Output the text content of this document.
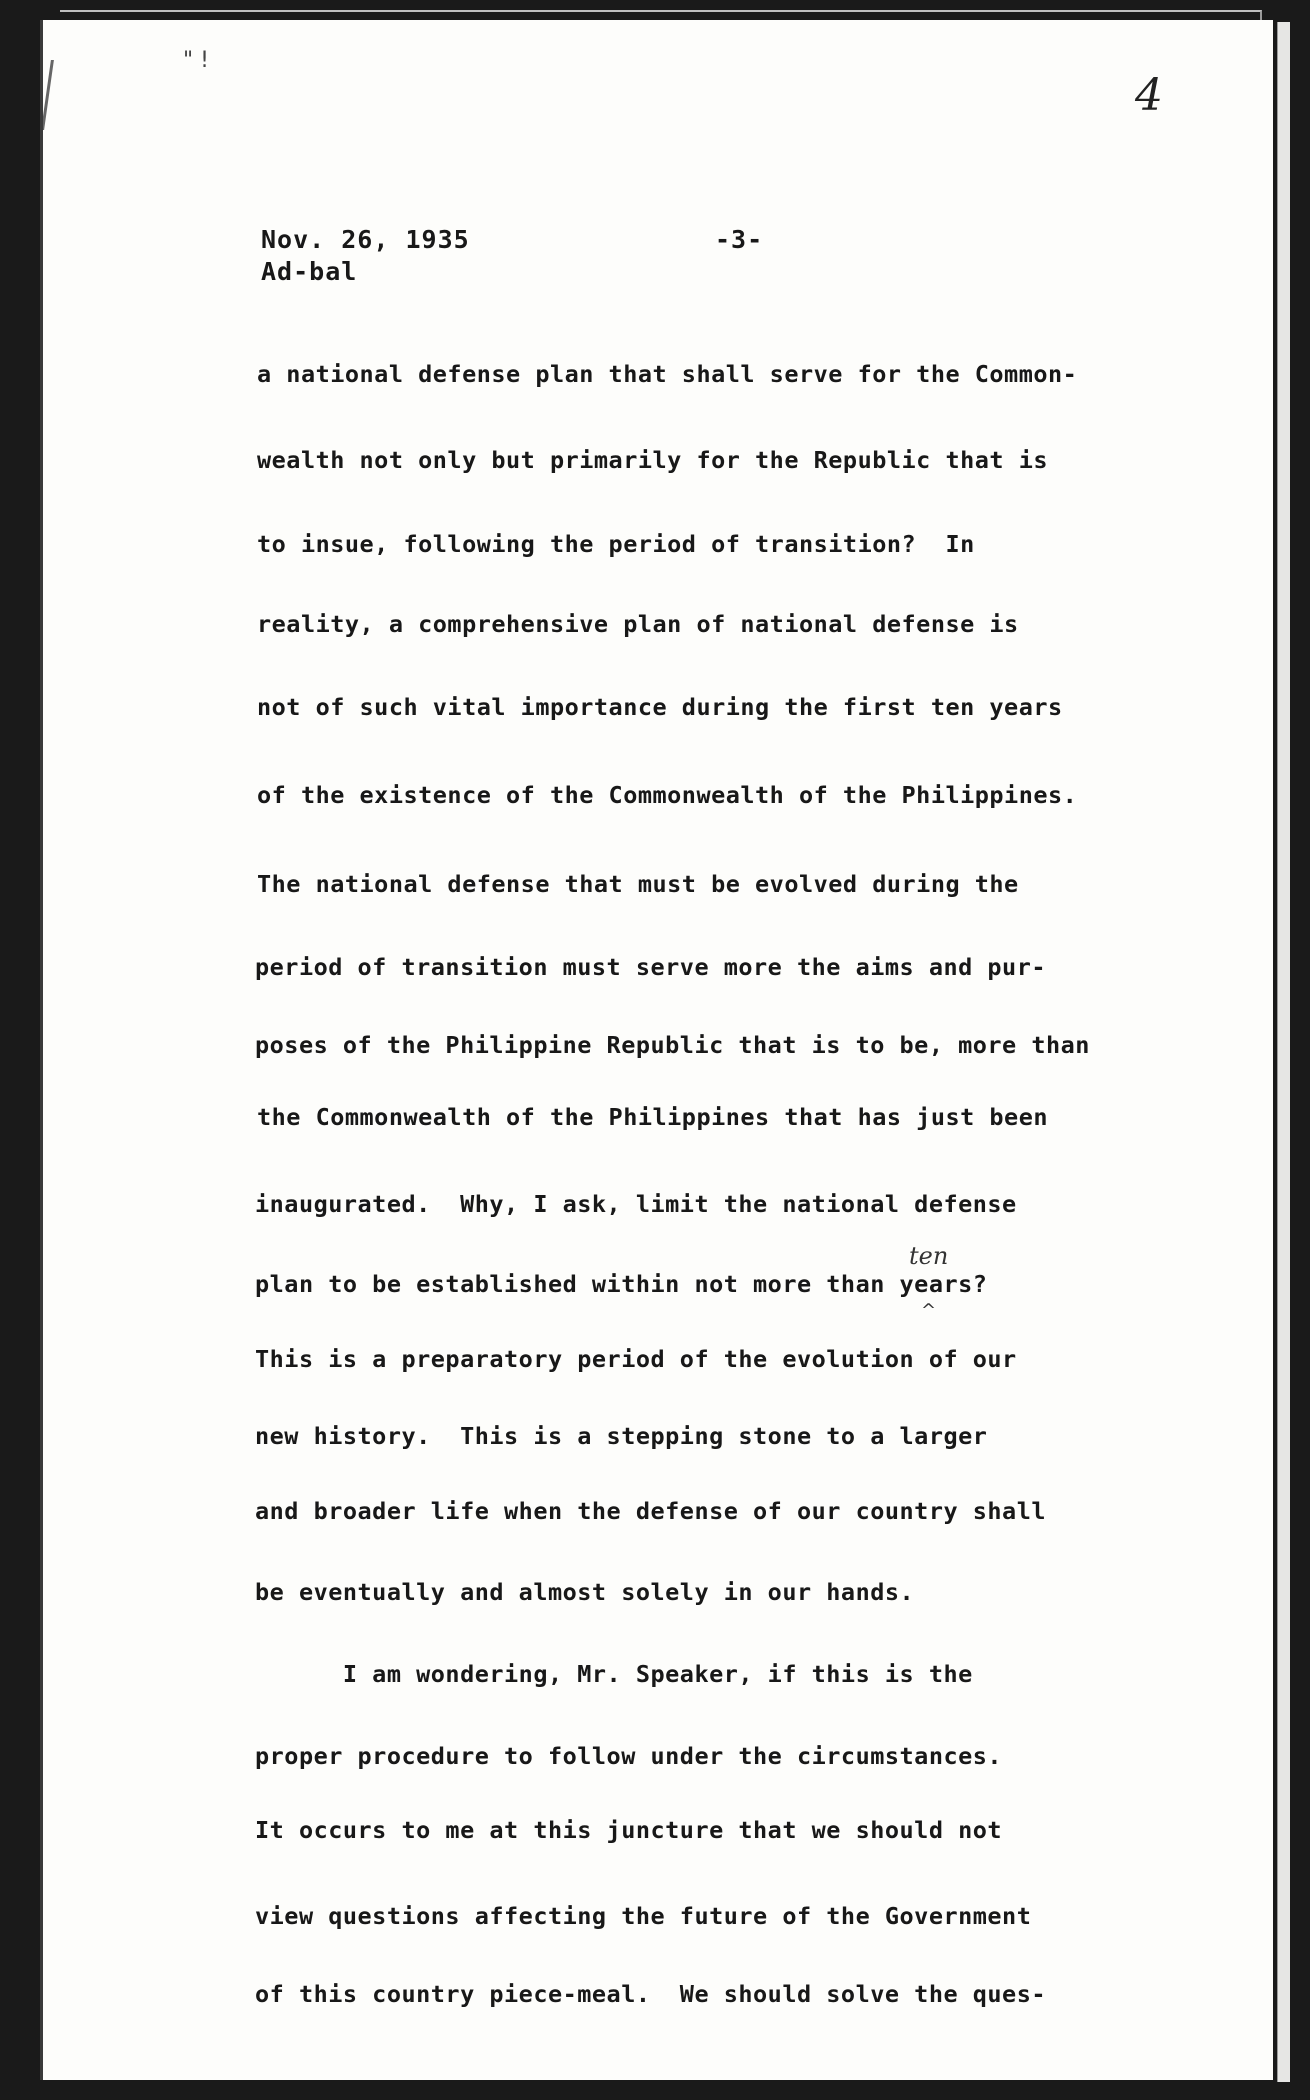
" !
4
Nov. 26, 1935	-3-
Ad-bal
a national defense plan that shall serve for the Common-
wealth not only but primarily for the Republic that is
to insue, following the period of transition?  In
reality, a comprehensive plan of national defense is
not of such vital importance during the first ten years
of the existence of the Commonwealth of the Philippines.
The national defense that must be evolved during the
period of transition must serve more the aims and pur-
poses of the Philippine Republic that is to be, more than
the Commonwealth of the Philippines that has just been
inaugurated.  Why, I ask, limit the national defense
plan to be established within not more than years?
This is a preparatory period of the evolution of our
new history.  This is a stepping stone to a larger
and broader life when the defense of our country shall
be eventually and almost solely in our hands.
I am wondering, Mr. Speaker, if this is the
proper procedure to follow under the circumstances.
It occurs to me at this juncture that we should not
view questions affecting the future of the Government
of this country piece-meal.  We should solve the ques-
ten
^
